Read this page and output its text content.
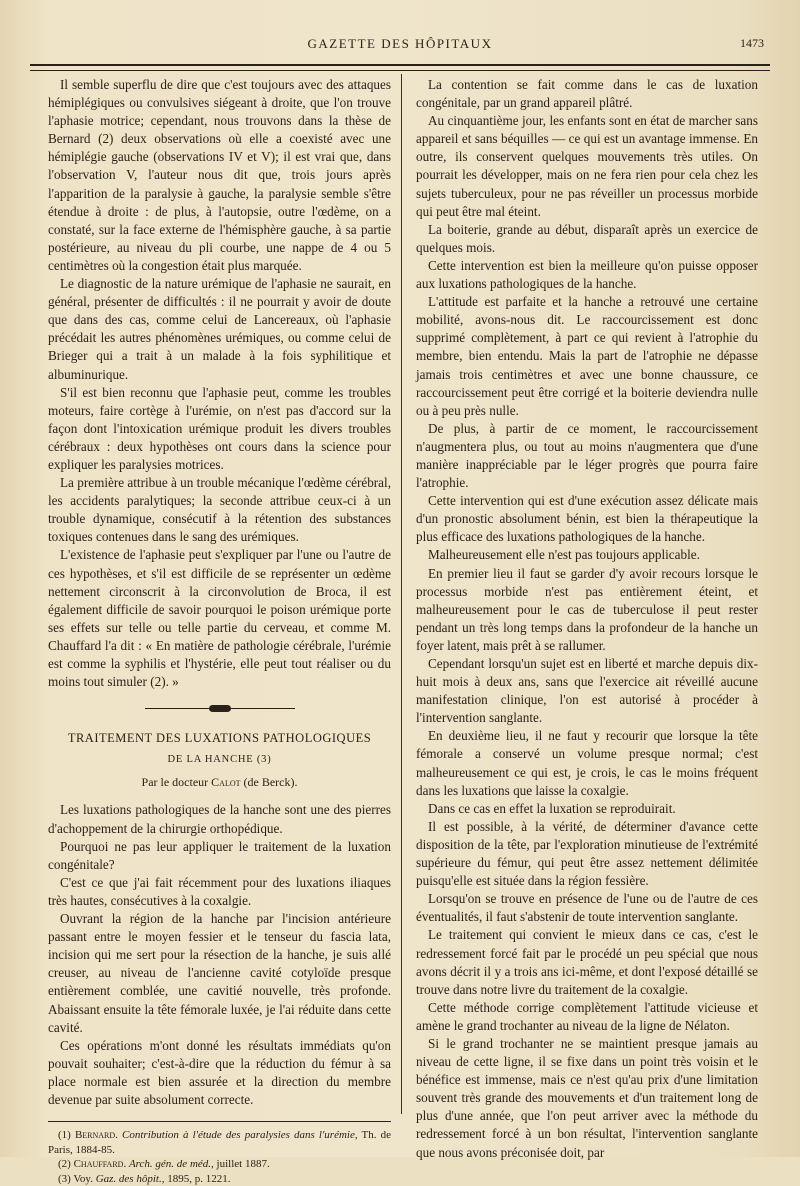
GAZETTE DES HÔPITAUX	1473

Il semble superflu de dire que c'est toujours avec des attaques hémiplégiques ou convulsives siégeant à droite, que l'on trouve l'aphasie motrice; cependant, nous trouvons dans la thèse de Bernard (2) deux observations où elle a coexisté avec une hémiplégie gauche (observations IV et V); il est vrai que, dans l'observation V, l'auteur nous dit que, trois jours après l'apparition de la paralysie à gauche, la paralysie semble s'être étendue à droite : de plus, à l'autopsie, outre l'œdème, on a constaté, sur la face externe de l'hémisphère gauche, à sa partie postérieure, au niveau du pli courbe, une nappe de 4 ou 5 centimètres où la congestion était plus marquée.

Le diagnostic de la nature urémique de l'aphasie ne saurait, en général, présenter de difficultés : il ne pourrait y avoir de doute que dans des cas, comme celui de Lancereaux, où l'aphasie précédait les autres phénomènes urémiques, ou comme celui de Brieger qui a trait à un malade à la fois syphilitique et albuminurique.

S'il est bien reconnu que l'aphasie peut, comme les troubles moteurs, faire cortège à l'urémie, on n'est pas d'accord sur la façon dont l'intoxication urémique produit les divers troubles cérébraux : deux hypothèses ont cours dans la science pour expliquer les paralysies motrices.

La première attribue à un trouble mécanique l'œdème cérébral, les accidents paralytiques; la seconde attribue ceux-ci à un trouble dynamique, consécutif à la rétention des substances toxiques contenues dans le sang des urémiques.

L'existence de l'aphasie peut s'expliquer par l'une ou l'autre de ces hypothèses, et s'il est difficile de se représenter un œdème nettement circonscrit à la circonvolution de Broca, il est également difficile de savoir pourquoi le poison urémique porte ses effets sur telle ou telle partie du cerveau, et comme M. Chauffard l'a dit : « En matière de pathologie cérébrale, l'urémie est comme la syphilis et l'hystérie, elle peut tout réaliser ou du moins tout simuler (2). »

TRAITEMENT DES LUXATIONS PATHOLOGIQUES
DE LA HANCHE (3)
Par le docteur Calot (de Berck).

Les luxations pathologiques de la hanche sont une des pierres d'achoppement de la chirurgie orthopédique.

Pourquoi ne pas leur appliquer le traitement de la luxation congénitale?

C'est ce que j'ai fait récemment pour des luxations iliaques très hautes, consécutives à la coxalgie.

Ouvrant la région de la hanche par l'incision antérieure passant entre le moyen fessier et le tenseur du fascia lata, incision qui me sert pour la résection de la hanche, je suis allé creuser, au niveau de l'ancienne cavité cotyloïde presque entièrement comblée, une cavitié nouvelle, très profonde. Abaissant ensuite la tête fémorale luxée, je l'ai réduite dans cette cavité.

Ces opérations m'ont donné les résultats immédiats qu'on pouvait souhaiter; c'est-à-dire que la réduction du fémur à sa place normale est bien assurée et la direction du membre devenue par suite absolument correcte.

(1) Bernard. Contribution à l'étude des paralysies dans l'urémie, Th. de Paris, 1884-85.

(2) Chauffard. Arch. gén. de méd., juillet 1887.

(3) Voy. Gaz. des hôpit., 1895, p. 1221.

La contention se fait comme dans le cas de luxation congénitale, par un grand appareil plâtré.

Au cinquantième jour, les enfants sont en état de marcher sans appareil et sans béquilles — ce qui est un avantage immense. En outre, ils conservent quelques mouvements très utiles. On pourrait les développer, mais on ne fera rien pour cela chez les sujets tuberculeux, pour ne pas réveiller un processus morbide qui peut être mal éteint.

La boiterie, grande au début, disparaît après un exercice de quelques mois.

Cette intervention est bien la meilleure qu'on puisse opposer aux luxations pathologiques de la hanche.

L'attitude est parfaite et la hanche a retrouvé une certaine mobilité, avons-nous dit. Le raccourcissement est donc supprimé complètement, à part ce qui revient à l'atrophie du membre, bien entendu. Mais la part de l'atrophie ne dépasse jamais trois centimètres et avec une bonne chaussure, ce raccourcissement peut être corrigé et la boiterie deviendra nulle ou à peu près nulle.

De plus, à partir de ce moment, le raccourcissement n'augmentera plus, ou tout au moins n'augmentera que d'une manière inappréciable par le léger progrès que pourra faire l'atrophie.

Cette intervention qui est d'une exécution assez délicate mais d'un pronostic absolument bénin, est bien la thérapeutique la plus efficace des luxations pathologiques de la hanche.

Malheureusement elle n'est pas toujours applicable.

En premier lieu il faut se garder d'y avoir recours lorsque le processus morbide n'est pas entièrement éteint, et malheureusement pour le cas de tuberculose il peut rester pendant un très long temps dans la profondeur de la hanche un foyer latent, mais prêt à se rallumer.

Cependant lorsqu'un sujet est en liberté et marche depuis dix-huit mois à deux ans, sans que l'exercice ait réveillé aucune manifestation clinique, l'on est autorisé à procéder à l'intervention sanglante.

En deuxième lieu, il ne faut y recourir que lorsque la tête fémorale a conservé un volume presque normal; c'est malheureusement ce qui est, je crois, le cas le moins fréquent dans les luxations que laisse la coxalgie.

Dans ce cas en effet la luxation se reproduirait.

Il est possible, à la vérité, de déterminer d'avance cette disposition de la tête, par l'exploration minutieuse de l'extrémité supérieure du fémur, qui peut être assez nettement délimitée puisqu'elle est située dans la région fessière.

Lorsqu'on se trouve en présence de l'une ou de l'autre de ces éventualités, il faut s'abstenir de toute intervention sanglante.

Le traitement qui convient le mieux dans ce cas, c'est le redressement forcé fait par le procédé un peu spécial que nous avons décrit il y a trois ans ici-même, et dont l'exposé détaillé se trouve dans notre livre du traitement de la coxalgie.

Cette méthode corrige complètement l'attitude vicieuse et amène le grand trochanter au niveau de la ligne de Nélaton.

Si le grand trochanter ne se maintient presque jamais au niveau de cette ligne, il se fixe dans un point très voisin et le bénéfice est immense, mais ce n'est qu'au prix d'une limitation souvent très grande des mouvements et d'un traitement long de plus d'une année, que l'on peut arriver avec la méthode du redressement forcé à un bon résultat, l'intervention sanglante que nous avons préconisée doit, par
